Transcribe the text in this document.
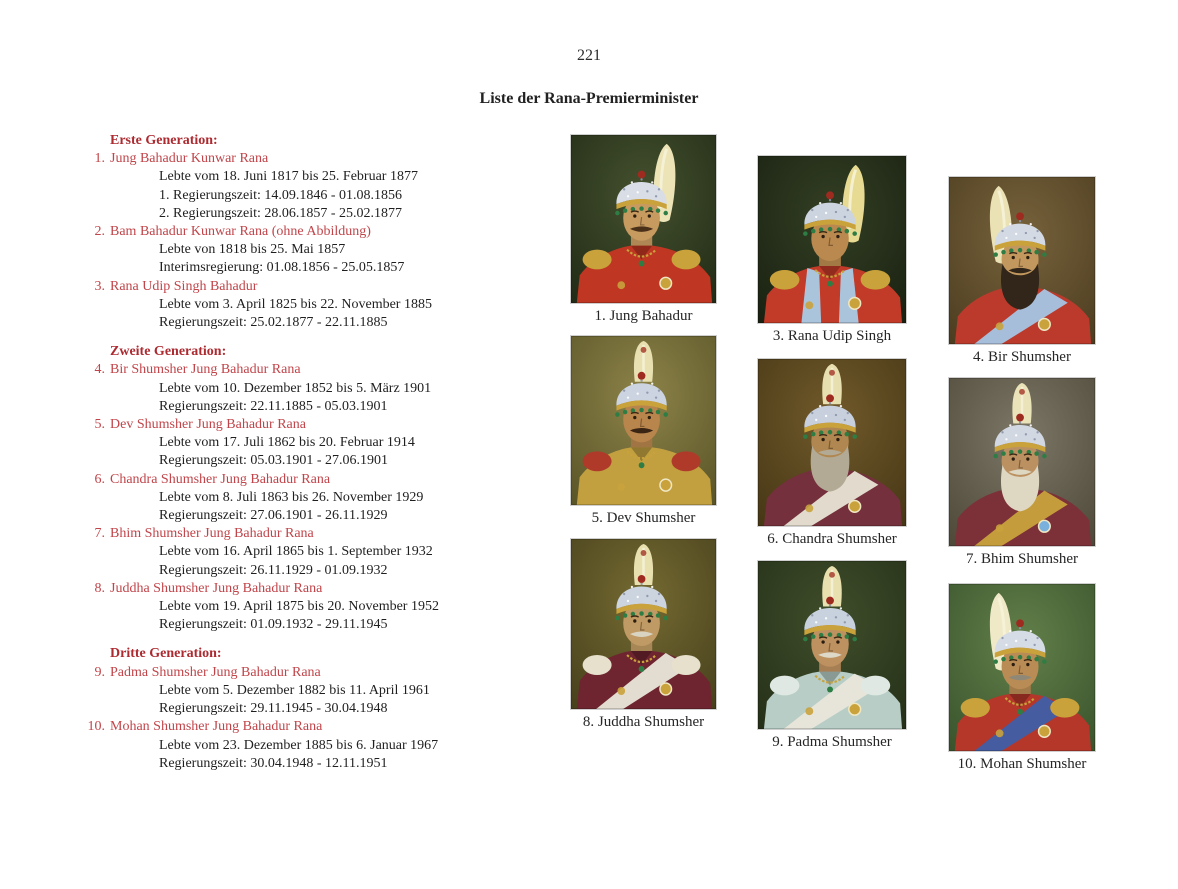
221
Liste der Rana-Premierminister
Erste Generation:
1. Jung Bahadur Kunwar Rana
Lebte vom 18. Juni 1817 bis 25. Februar 1877
1. Regierungszeit: 14.09.1846 - 01.08.1856
2. Regierungszeit: 28.06.1857 - 25.02.1877
2. Bam Bahadur Kunwar Rana (ohne Abbildung)
Lebte von 1818 bis 25. Mai 1857
Interimsregierung: 01.08.1856 - 25.05.1857
3. Rana Udip Singh Bahadur
Lebte vom 3. April 1825 bis 22. November 1885
Regierungszeit: 25.02.1877 - 22.11.1885
Zweite Generation:
4. Bir Shumsher Jung Bahadur Rana
Lebte vom 10. Dezember 1852 bis 5. März 1901
Regierungszeit: 22.11.1885 - 05.03.1901
5. Dev Shumsher Jung Bahadur Rana
Lebte vom 17. Juli 1862 bis 20. Februar 1914
Regierungszeit: 05.03.1901 - 27.06.1901
6. Chandra Shumsher Jung Bahadur Rana
Lebte vom 8. Juli 1863 bis 26. November 1929
Regierungszeit: 27.06.1901 - 26.11.1929
7. Bhim Shumsher Jung Bahadur Rana
Lebte vom 16. April 1865 bis 1. September 1932
Regierungszeit: 26.11.1929 - 01.09.1932
8. Juddha Shumsher Jung Bahadur Rana
Lebte vom 19. April 1875 bis 20. November 1952
Regierungszeit: 01.09.1932 - 29.11.1945
Dritte Generation:
9. Padma Shumsher Jung Bahadur Rana
Lebte vom 5. Dezember 1882 bis 11. April 1961
Regierungszeit: 29.11.1945 - 30.04.1948
10. Mohan Shumsher Jung Bahadur Rana
Lebte vom 23. Dezember 1885 bis 6. Januar 1967
Regierungszeit: 30.04.1948 - 12.11.1951
1. Jung Bahadur
3. Rana Udip Singh
4. Bir Shumsher
5. Dev Shumsher
6. Chandra Shumsher
7. Bhim Shumsher
8. Juddha Shumsher
9. Padma Shumsher
10. Mohan Shumsher
